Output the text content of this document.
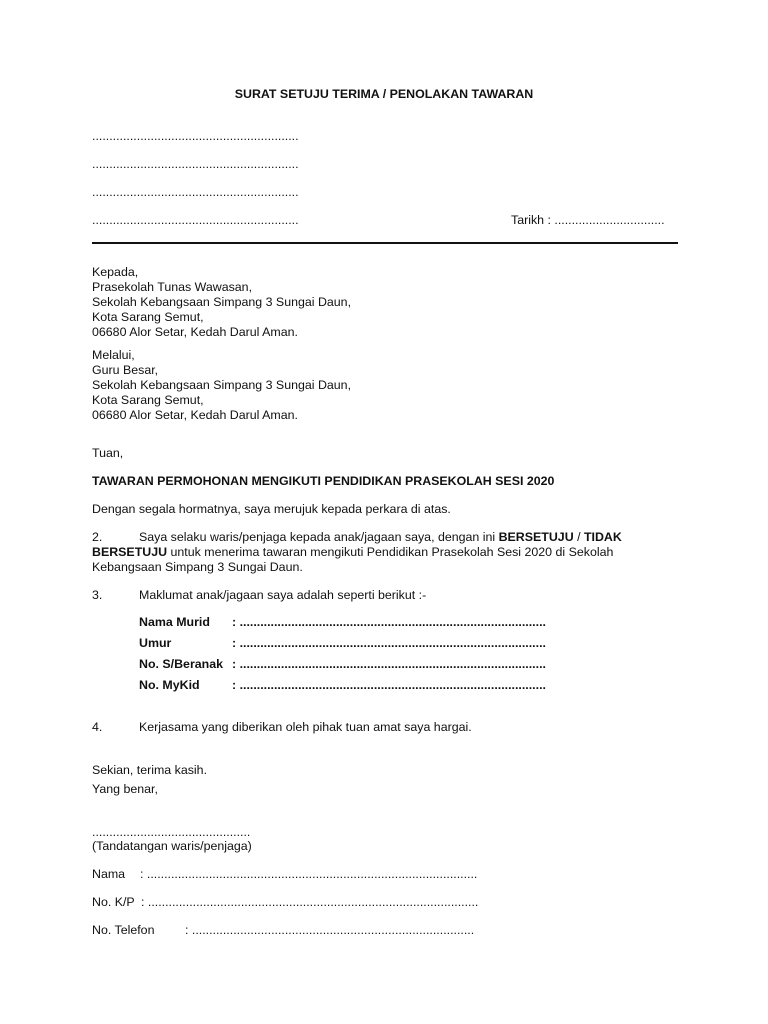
SURAT SETUJU TERIMA / PENOLAKAN TAWARAN
............................................................
............................................................
............................................................
............................................................	Tarikh : ................................
Kepada,
Prasekolah Tunas Wawasan,
Sekolah Kebangsaan Simpang 3 Sungai Daun,
Kota Sarang Semut,
06680 Alor Setar, Kedah Darul Aman.
Melalui,
Guru Besar,
Sekolah Kebangsaan Simpang 3 Sungai Daun,
Kota Sarang Semut,
06680 Alor Setar, Kedah Darul Aman.
Tuan,
TAWARAN PERMOHONAN MENGIKUTI PENDIDIKAN PRASEKOLAH SESI 2020
Dengan segala hormatnya, saya merujuk kepada perkara di atas.
2.	Saya selaku waris/penjaga kepada anak/jagaan saya, dengan ini BERSETUJU / TIDAK
BERSETUJU untuk menerima tawaran mengikuti Pendidikan Prasekolah Sesi 2020 di Sekolah
Kebangsaan Simpang 3 Sungai Daun.
3.	Maklumat anak/jagaan saya adalah seperti berikut :-
Nama Murid : .........................................................................................
Umur	: .........................................................................................
No. S/Beranak : .........................................................................................
No. MyKid	: .........................................................................................
4.	Kerjasama yang diberikan oleh pihak tuan amat saya hargai.
Sekian, terima kasih.
Yang benar,
..............................................
(Tandatangan waris/penjaga)
Nama : ................................................................................................
No. K/P : ................................................................................................
No. Telefon : ..................................................................................
